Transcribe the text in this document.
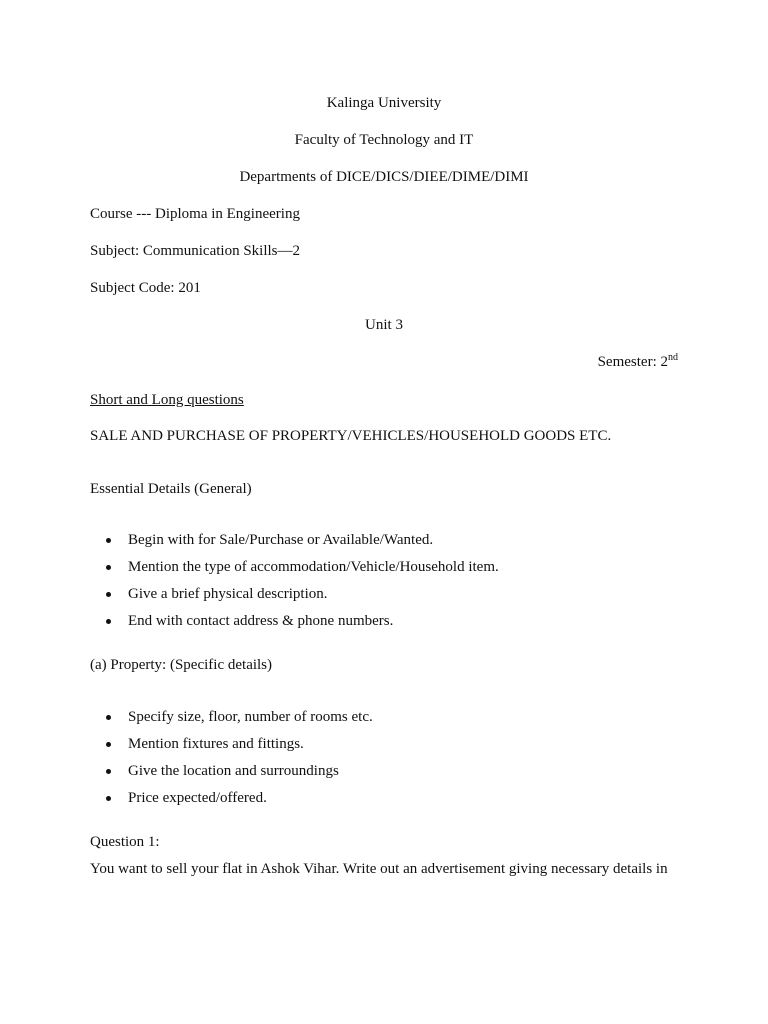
Kalinga University
Faculty of Technology and IT
Departments of DICE/DICS/DIEE/DIME/DIMI
Course --- Diploma in Engineering
Subject: Communication Skills—2
Subject Code: 201
Unit 3
Semester: 2nd
Short and Long questions
SALE AND PURCHASE OF PROPERTY/VEHICLES/HOUSEHOLD GOODS ETC.
Essential Details (General)
Begin with for Sale/Purchase or Available/Wanted.
Mention the type of accommodation/Vehicle/Household item.
Give a brief physical description.
End with contact address & phone numbers.
(a) Property: (Specific details)
Specify size, floor, number of rooms etc.
Mention fixtures and fittings.
Give the location and surroundings
Price expected/offered.
Question 1:
You want to sell your flat in Ashok Vihar. Write out an advertisement giving necessary details in
